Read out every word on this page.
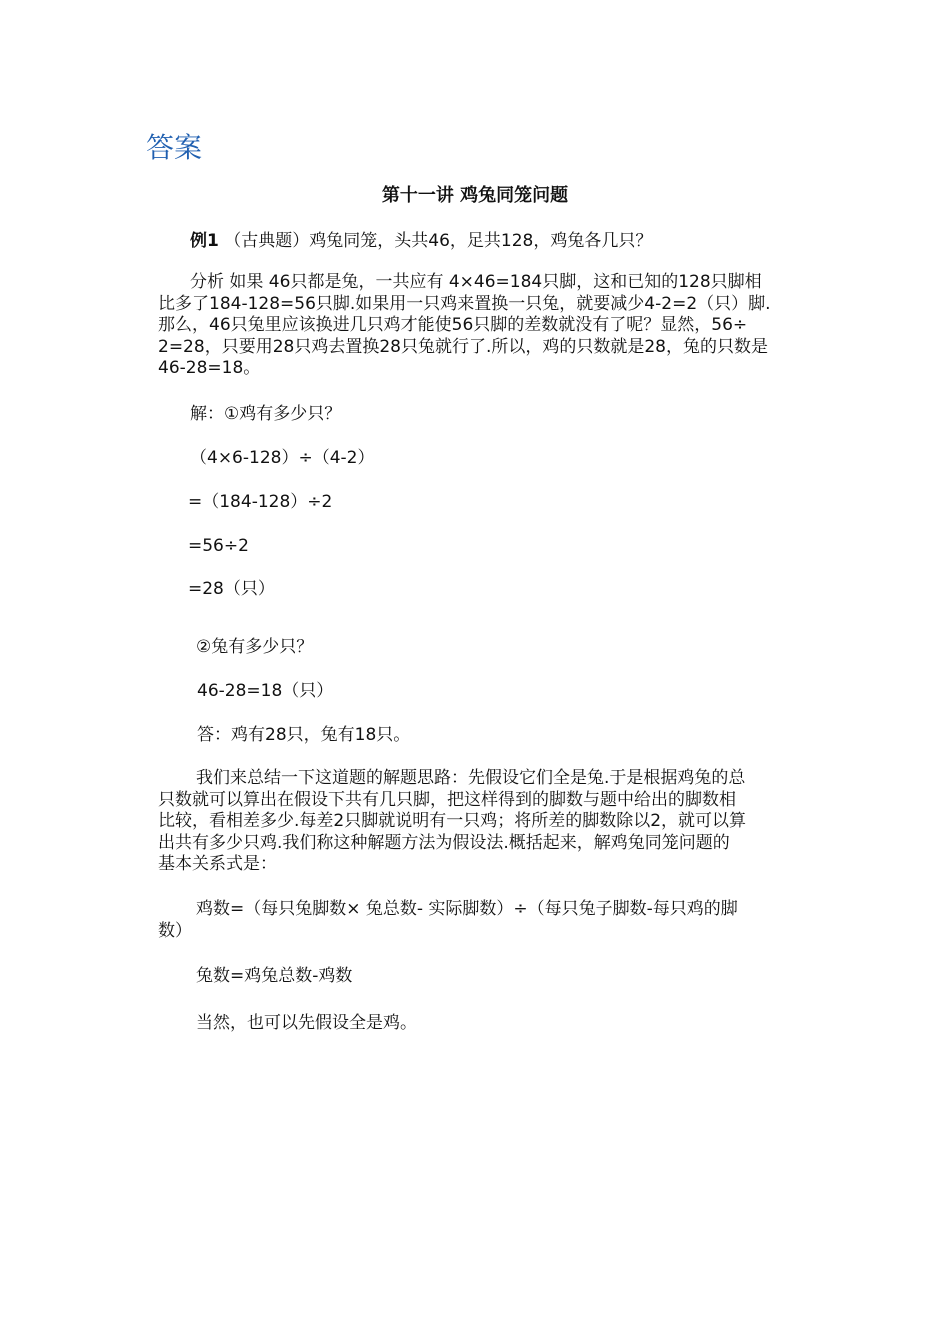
答案
第十一讲 鸡兔同笼问题
例1 （古典题）鸡兔同笼，头共46，足共128，鸡兔各几只？
分析 如果 46只都是兔，一共应有 4×46=184只脚，这和已知的128只脚相
比多了184-128=56只脚.如果用一只鸡来置换一只兔，就要减少4-2=2（只）脚.
那么，46只兔里应该换进几只鸡才能使56只脚的差数就没有了呢？显然，56÷
2=28，只要用28只鸡去置换28只兔就行了.所以，鸡的只数就是28，兔的只数是
46-28=18。
解：①鸡有多少只？
（4×6-128）÷（4-2）
=（184-128）÷2
=56÷2
=28（只）
②兔有多少只？
46-28=18（只）
答：鸡有28只，兔有18只。
我们来总结一下这道题的解题思路：先假设它们全是兔.于是根据鸡兔的总
只数就可以算出在假设下共有几只脚，把这样得到的脚数与题中给出的脚数相
比较，看相差多少.每差2只脚就说明有一只鸡；将所差的脚数除以2，就可以算
出共有多少只鸡.我们称这种解题方法为假设法.概括起来，解鸡兔同笼问题的
基本关系式是：
鸡数=（每只兔脚数× 兔总数- 实际脚数）÷（每只兔子脚数-每只鸡的脚
数）
兔数=鸡兔总数-鸡数
当然，也可以先假设全是鸡。
